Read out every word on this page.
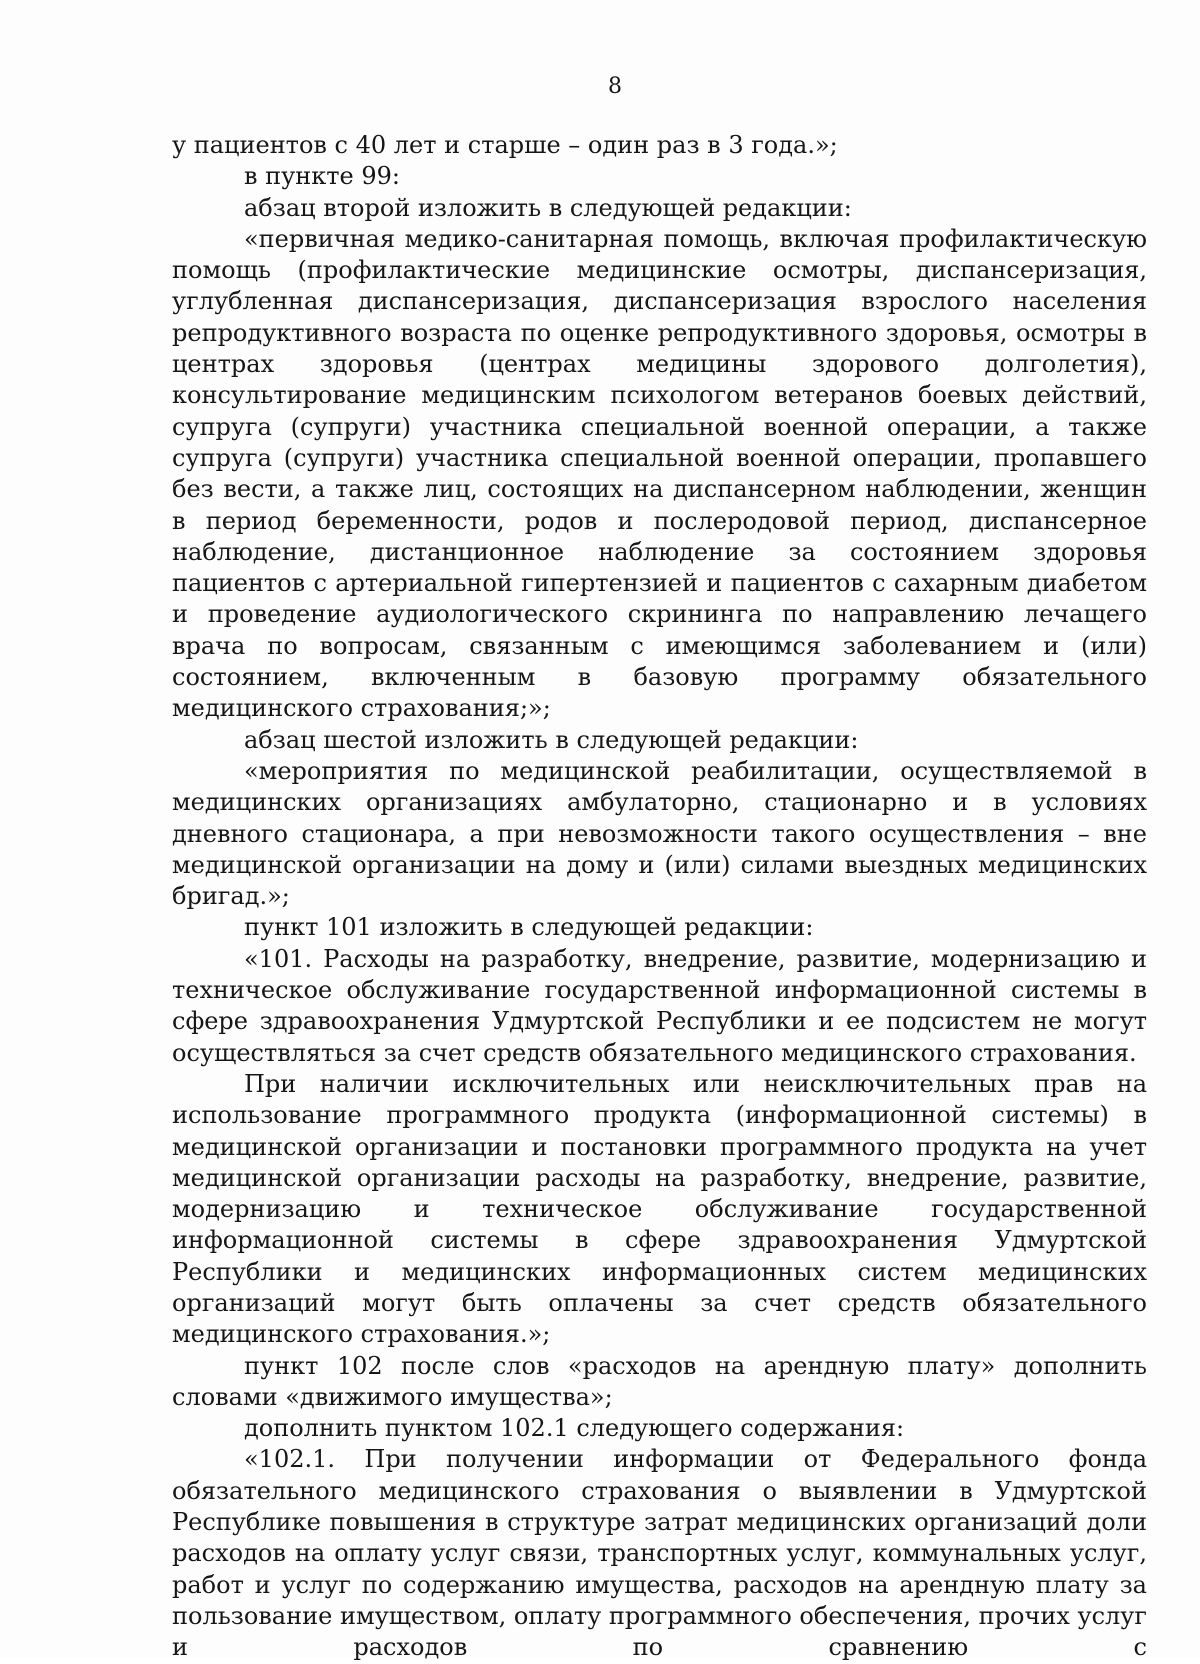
8

у пациентов с 40 лет и старше – один раз в 3 года.»;

в пункте 99:

абзац второй изложить в следующей редакции:

«первичная медико-санитарная помощь, включая профилактическую помощь (профилактические медицинские осмотры, диспансеризация, углубленная диспансеризация, диспансеризация взрослого населения репродуктивного возраста по оценке репродуктивного здоровья, осмотры в центрах здоровья (центрах медицины здорового долголетия), консультирование медицинским психологом ветеранов боевых действий, супруга (супруги) участника специальной военной операции, а также супруга (супруги) участника специальной военной операции, пропавшего без вести, а также лиц, состоящих на диспансерном наблюдении, женщин в период беременности, родов и послеродовой период, диспансерное наблюдение, дистанционное наблюдение за состоянием здоровья пациентов с артериальной гипертензией и пациентов с сахарным диабетом и проведение аудиологического скрининга по направлению лечащего врача по вопросам, связанным с имеющимся заболеванием и (или) состоянием, включенным в базовую программу обязательного медицинского страхования;»;

абзац шестой изложить в следующей редакции:

«мероприятия по медицинской реабилитации, осуществляемой в медицинских организациях амбулаторно, стационарно и в условиях дневного стационара, а при невозможности такого осуществления – вне медицинской организации на дому и (или) силами выездных медицинских бригад.»;

пункт 101 изложить в следующей редакции:

«101. Расходы на разработку, внедрение, развитие, модернизацию и техническое обслуживание государственной информационной системы в сфере здравоохранения Удмуртской Республики и ее подсистем не могут осуществляться за счет средств обязательного медицинского страхования.

При наличии исключительных или неисключительных прав на использование программного продукта (информационной системы) в медицинской организации и постановки программного продукта на учет медицинской организации расходы на разработку, внедрение, развитие, модернизацию и техническое обслуживание государственной информационной системы в сфере здравоохранения Удмуртской Республики и медицинских информационных систем медицинских организаций могут быть оплачены за счет средств обязательного медицинского страхования.»;

пункт 102 после слов «расходов на арендную плату» дополнить словами «движимого имущества»;

дополнить пунктом 102.1 следующего содержания:

«102.1. При получении информации от Федерального фонда обязательного медицинского страхования о выявлении в Удмуртской Республике повышения в структуре затрат медицинских организаций доли расходов на оплату услуг связи, транспортных услуг, коммунальных услуг, работ и услуг по содержанию имущества, расходов на арендную плату за пользование имуществом, оплату программного обеспечения, прочих услуг и расходов по сравнению с
